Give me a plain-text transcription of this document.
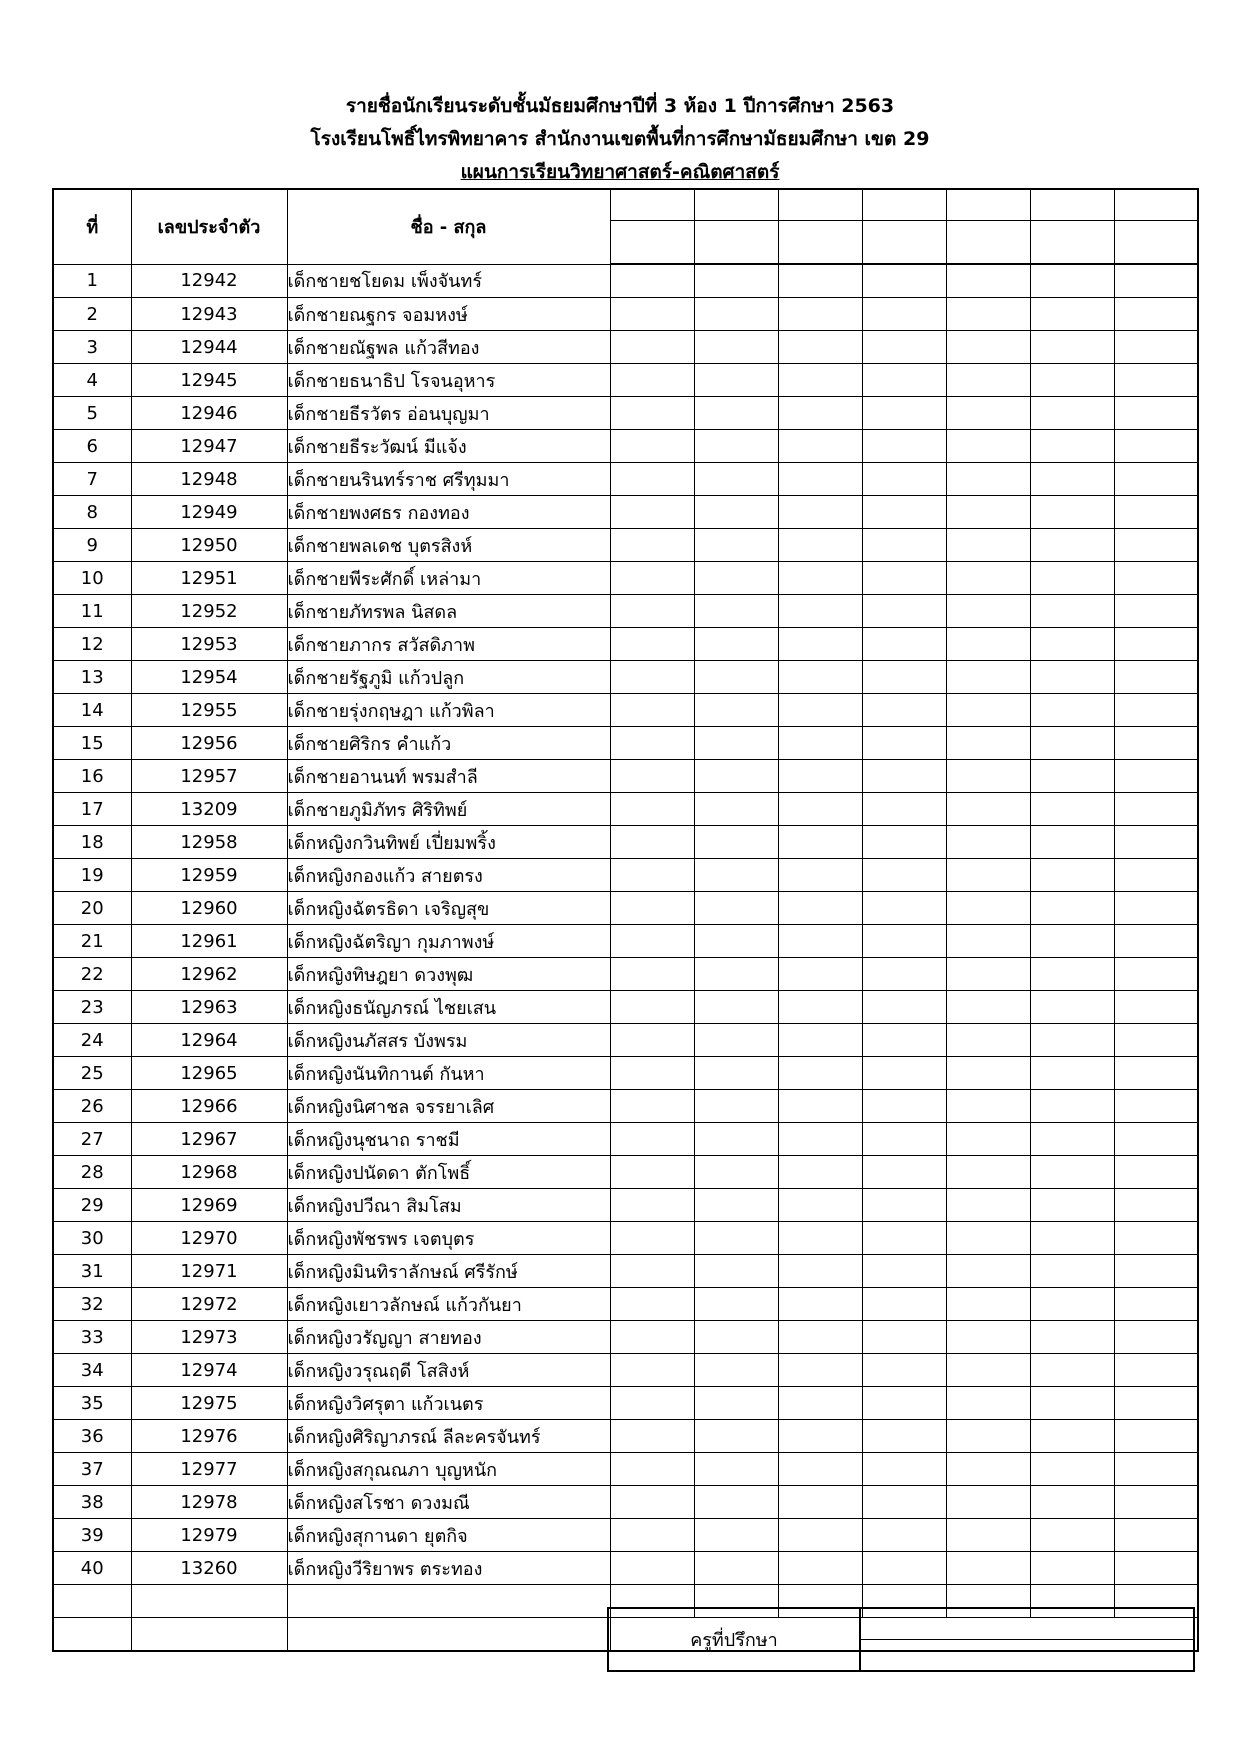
รายชื่อนักเรียนระดับชั้นมัธยมศึกษาปีที่ 3 ห้อง 1 ปีการศึกษา 2563
โรงเรียนโพธิ์ไทรพิทยาคาร สำนักงานเขตพื้นที่การศึกษามัธยมศึกษา เขต 29
แผนการเรียนวิทยาศาสตร์-คณิตศาสตร์
ที่	เลขประจำตัว	ชื่อ - สกุล							

1	12942	เด็กชายชโยดม เพ็งจันทร์							
2	12943	เด็กชายณฐกร จอมหงษ์							
3	12944	เด็กชายณัฐพล แก้วสีทอง							
4	12945	เด็กชายธนาธิป โรจนอุหาร							
5	12946	เด็กชายธีรวัตร อ่อนบุญมา							
6	12947	เด็กชายธีระวัฒน์ มีแจ้ง							
7	12948	เด็กชายนรินทร์ราช ศรีทุมมา							
8	12949	เด็กชายพงศธร กองทอง							
9	12950	เด็กชายพลเดช บุตรสิงห์							
10	12951	เด็กชายพีระศักดิ์ เหล่ามา							
11	12952	เด็กชายภัทรพล นิสดล							
12	12953	เด็กชายภากร สวัสดิภาพ							
13	12954	เด็กชายรัฐภูมิ แก้วปลูก							
14	12955	เด็กชายรุ่งกฤษฎา แก้วพิลา							
15	12956	เด็กชายศิริกร คำแก้ว							
16	12957	เด็กชายอานนท์ พรมสำลี							
17	13209	เด็กชายภูมิภัทร ศิริทิพย์							
18	12958	เด็กหญิงกวินทิพย์ เปี่ยมพริ้ง							
19	12959	เด็กหญิงกองแก้ว สายตรง							
20	12960	เด็กหญิงฉัตรธิดา เจริญสุข							
21	12961	เด็กหญิงฉัตริญา กุมภาพงษ์							
22	12962	เด็กหญิงทิษฎยา ดวงพุฒ							
23	12963	เด็กหญิงธนัญภรณ์ ไชยเสน							
24	12964	เด็กหญิงนภัสสร บังพรม							
25	12965	เด็กหญิงนันทิกานต์ กันหา							
26	12966	เด็กหญิงนิศาชล จรรยาเลิศ							
27	12967	เด็กหญิงนุชนาถ ราชมี							
28	12968	เด็กหญิงปนัดดา ตักโพธิ์							
29	12969	เด็กหญิงปวีณา สิมโสม							
30	12970	เด็กหญิงพัชรพร เจตบุตร							
31	12971	เด็กหญิงมินทิราลักษณ์ ศรีรักษ์							
32	12972	เด็กหญิงเยาวลักษณ์ แก้วกันยา							
33	12973	เด็กหญิงวรัญญา สายทอง							
34	12974	เด็กหญิงวรุณฤดี โสสิงห์							
35	12975	เด็กหญิงวิศรุตา แก้วเนตร							
36	12976	เด็กหญิงศิริญาภรณ์ ลีละครจันทร์							
37	12977	เด็กหญิงสกุณณภา บุญหนัก							
38	12978	เด็กหญิงสโรชา ดวงมณี							
39	12979	เด็กหญิงสุกานดา ยุตกิจ							
40	13260	เด็กหญิงวีริยาพร ตระทอง							

ครูที่ปรึกษา	
